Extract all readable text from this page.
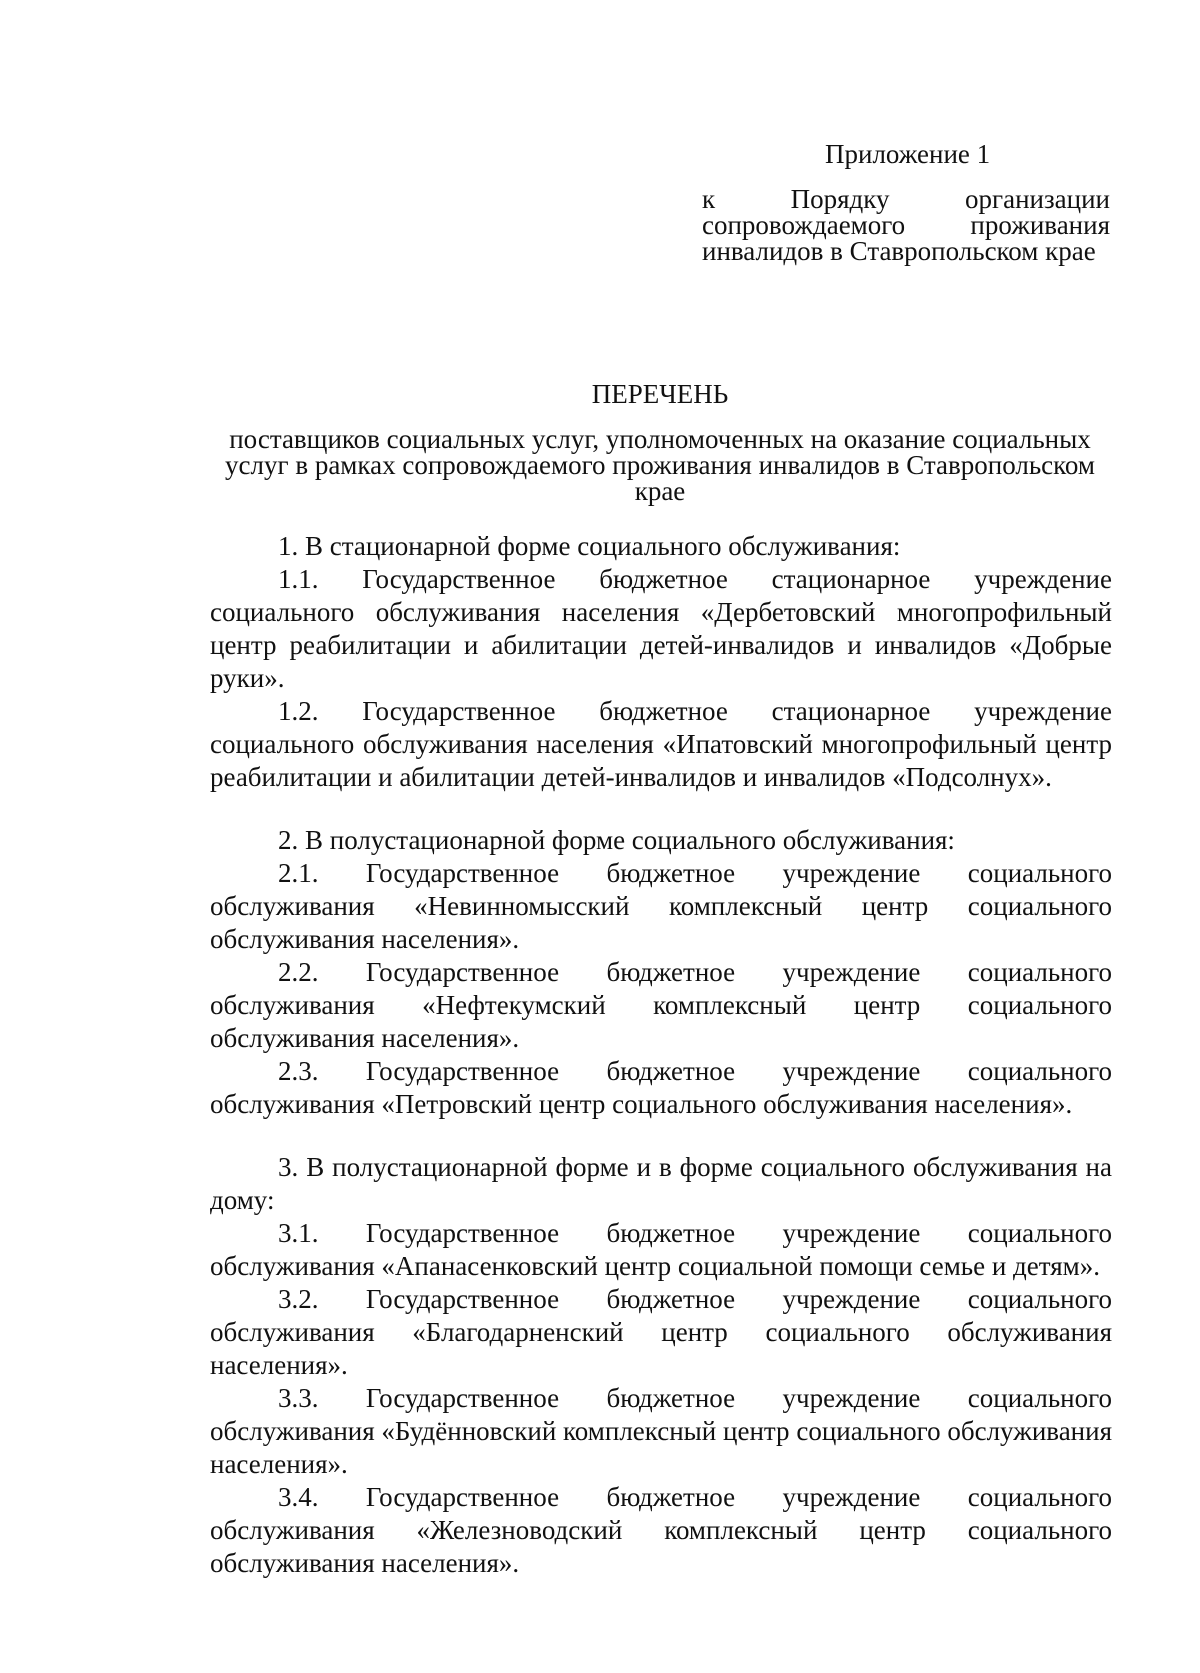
Приложение 1
к Порядку организации сопровождаемого проживания инвалидов в Ставропольском крае
ПЕРЕЧЕНЬ
поставщиков социальных услуг, уполномоченных на оказание социальных услуг в рамках сопровождаемого проживания инвалидов в Ставропольском крае

1. В стационарной форме социального обслуживания:

1.1. Государственное бюджетное стационарное учреждение социального обслуживания населения «Дербетовский многопрофильный центр реабилитации и абилитации детей-инвалидов и инвалидов «Добрые руки».

1.2. Государственное бюджетное стационарное учреждение социального обслуживания населения «Ипатовский многопрофильный центр реабилитации и абилитации детей-инвалидов и инвалидов «Подсолнух».

2. В полустационарной форме социального обслуживания:

2.1. Государственное бюджетное учреждение социального обслуживания «Невинномысский комплексный центр социального обслуживания населения».

2.2. Государственное бюджетное учреждение социального обслуживания «Нефтекумский комплексный центр социального обслуживания населения».

2.3. Государственное бюджетное учреждение социального обслуживания «Петровский центр социального обслуживания населения».

3. В полустационарной форме и в форме социального обслуживания на дому:

3.1. Государственное бюджетное учреждение социального обслуживания «Апанасенковский центр социальной помощи семье и детям».

3.2. Государственное бюджетное учреждение социального обслуживания «Благодарненский центр социального обслуживания населения».

3.3. Государственное бюджетное учреждение социального обслуживания «Будённовский комплексный центр социального обслуживания населения».

3.4. Государственное бюджетное учреждение социального обслуживания «Железноводский комплексный центр социального обслуживания населения».
